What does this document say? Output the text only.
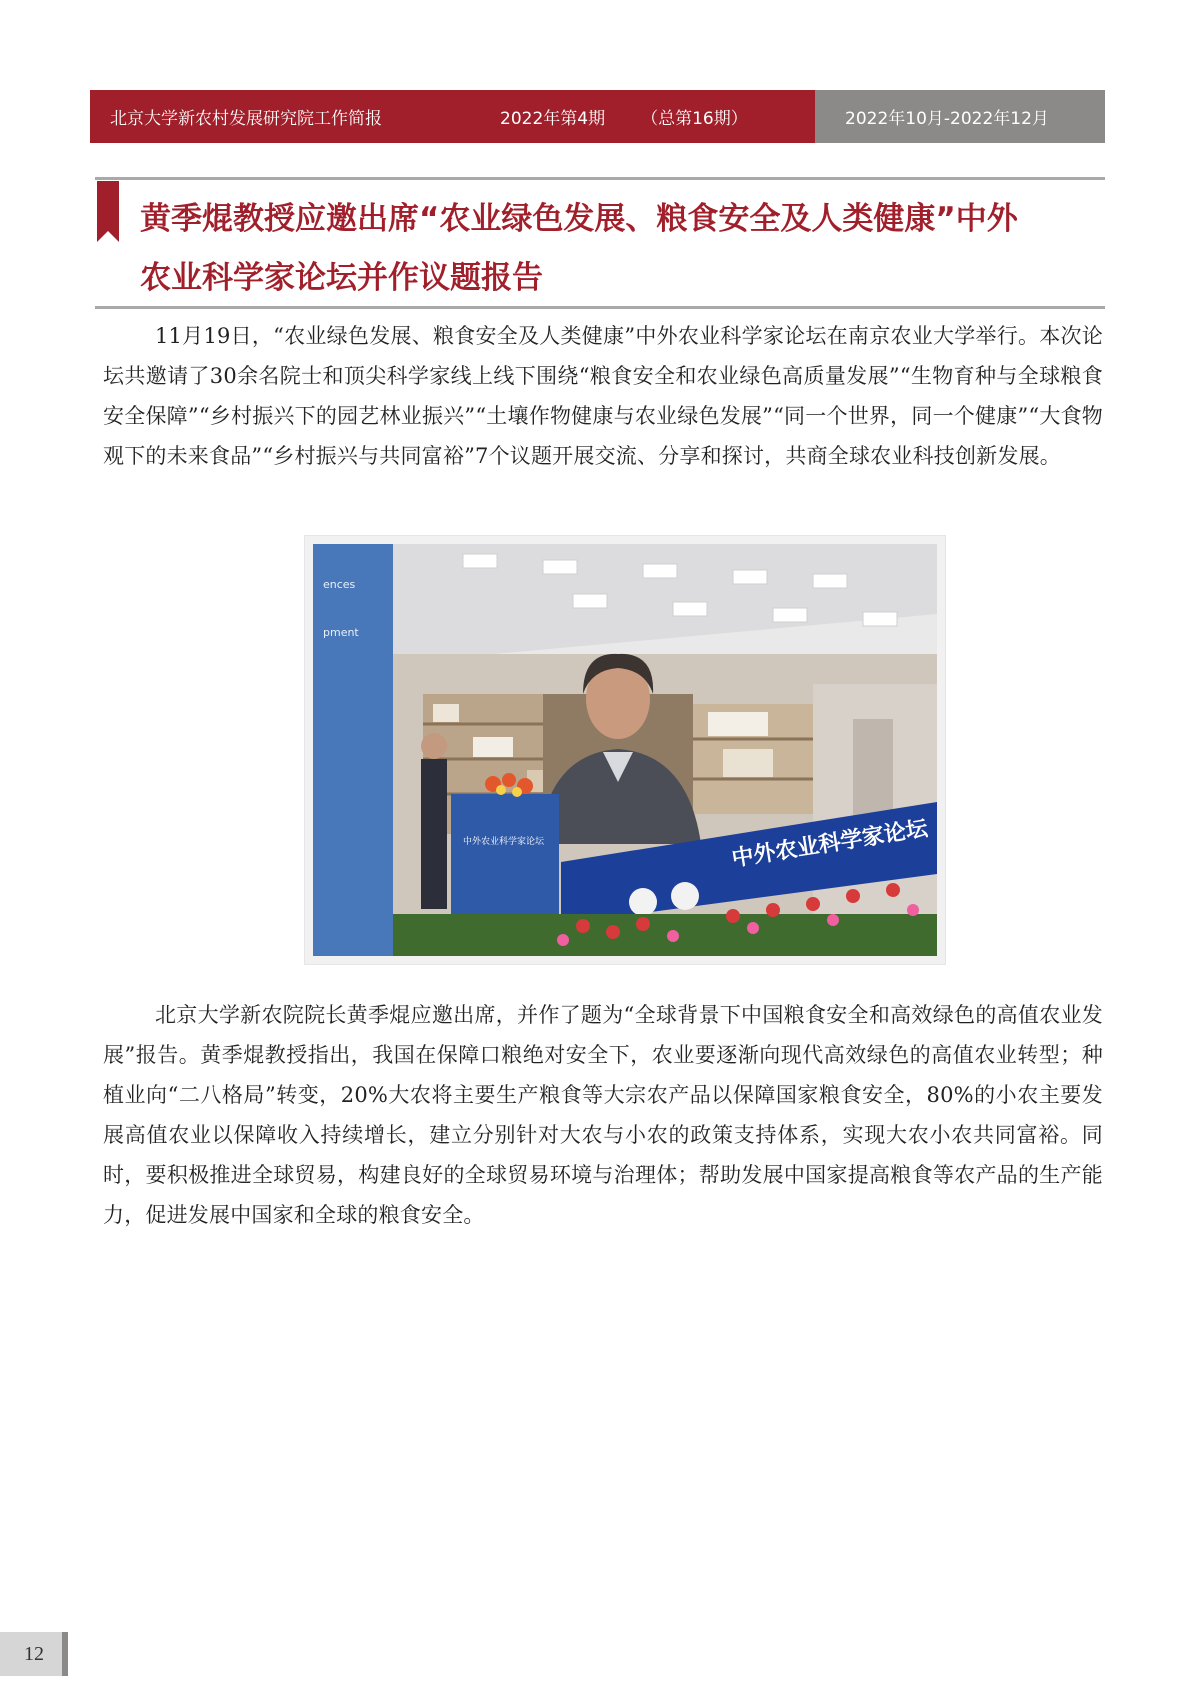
北京大学新农村发展研究院工作简报	2022年第4期 （总第16期）	2022年10月-2022年12月
黄季焜教授应邀出席“农业绿色发展、粮食安全及人类健康”中外
农业科学家论坛并作议题报告
11月19日，“农业绿色发展、粮食安全及人类健康”中外农业科学家论坛在南京农业大学举行。本次论坛共邀请了30余名院士和顶尖科学家线上线下围绕“粮食安全和农业绿色高质量发展”“生物育种与全球粮食安全保障”“乡村振兴下的园艺林业振兴”“土壤作物健康与农业绿色发展”“同一个世界，同一个健康”“大食物观下的未来食品”“乡村振兴与共同富裕”7个议题开展交流、分享和探讨，共商全球农业科技创新发展。
ences
pment
中外农业科学家论坛	中外农业科学家论坛
北京大学新农院院长黄季焜应邀出席，并作了题为“全球背景下中国粮食安全和高效绿色的高值农业发展”报告。黄季焜教授指出，我国在保障口粮绝对安全下，农业要逐渐向现代高效绿色的高值农业转型；种植业向“二八格局”转变，20%大农将主要生产粮食等大宗农产品以保障国家粮食安全，80%的小农主要发展高值农业以保障收入持续增长，建立分别针对大农与小农的政策支持体系，实现大农小农共同富裕。同时，要积极推进全球贸易，构建良好的全球贸易环境与治理体；帮助发展中国家提高粮食等农产品的生产能力，促进发展中国家和全球的粮食安全。
12
